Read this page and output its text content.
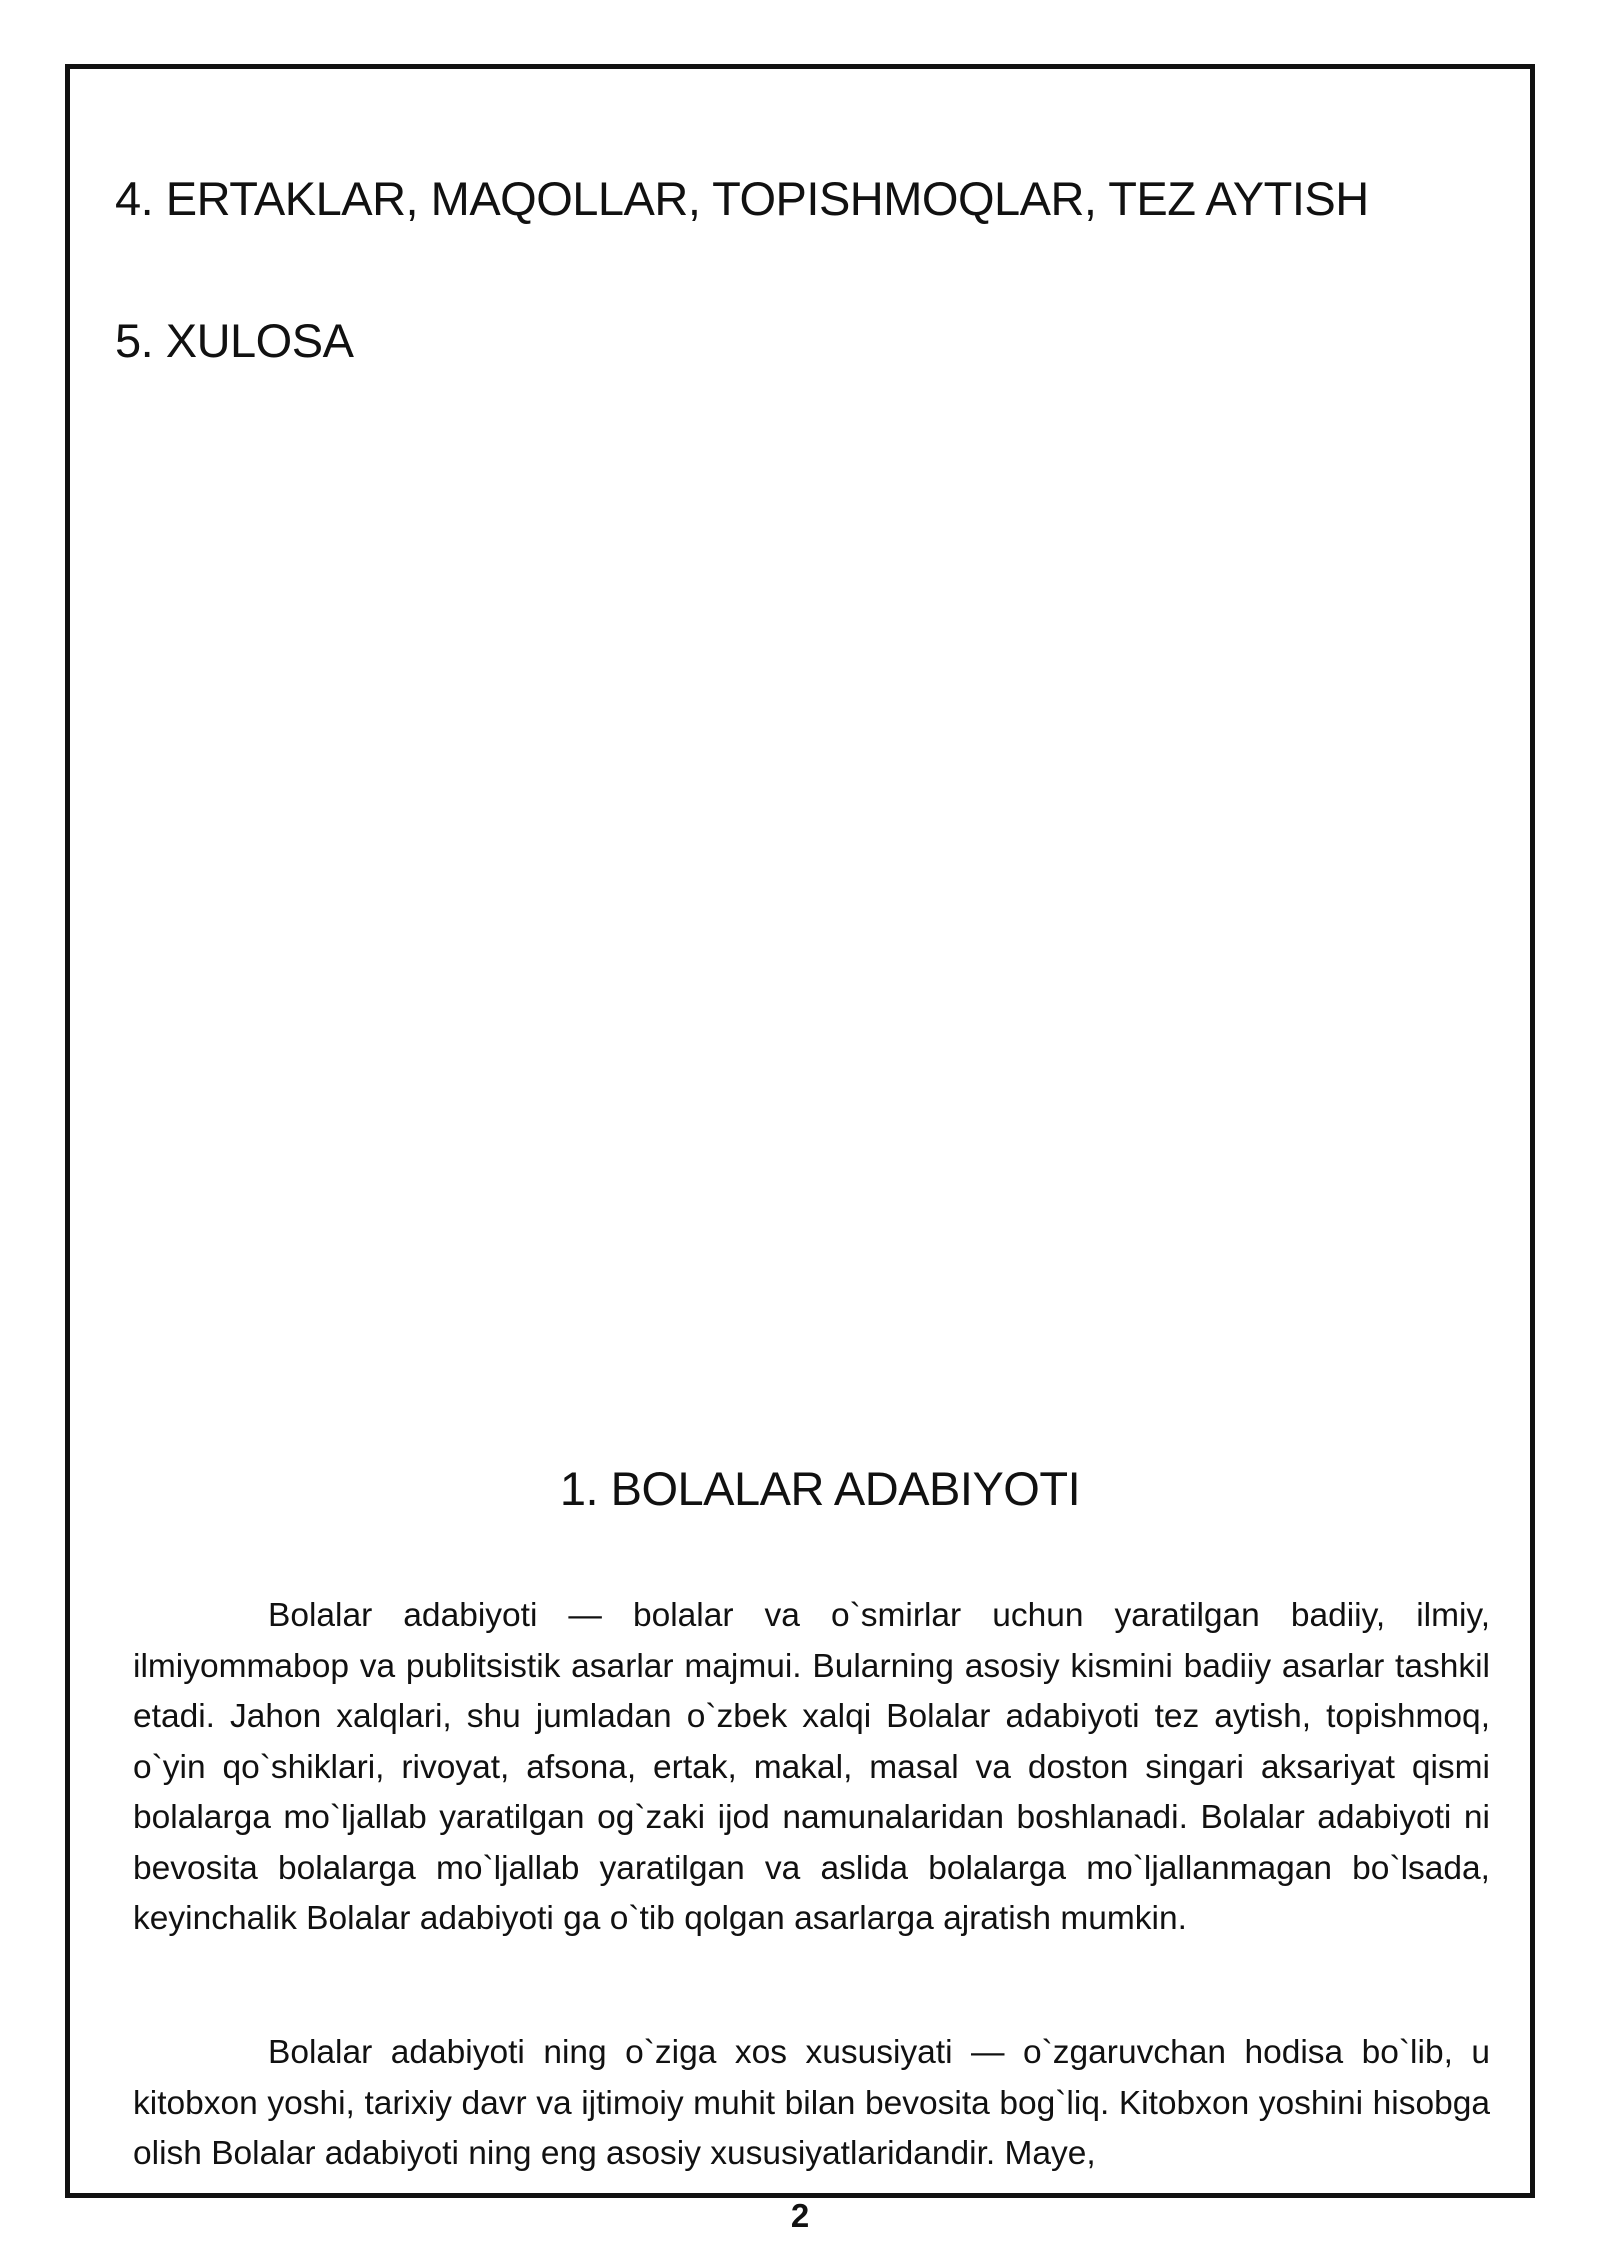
4. ERTAKLAR, MAQOLLAR, TOPISHMOQLAR, TEZ AYTISH
5. XULOSA
1. BOLALAR ADABIYOTI

Bolalar adabiyoti — bolalar va o`smirlar uchun yaratilgan badiiy, ilmiy, ilmiyommabop va publitsistik asarlar majmui. Bularning asosiy kismini badiiy asarlar tashkil etadi. Jahon xalqlari, shu jumladan o`zbek xalqi Bolalar adabiyoti tez aytish, topishmoq, o`yin qo`shiklari, rivoyat, afsona, ertak, makal, masal va doston singari aksariyat qismi bolalarga mo`ljallab yaratilgan og`zaki ijod namunalaridan boshlanadi. Bolalar adabiyoti ni bevosita bolalarga mo`ljallab yaratilgan va aslida bolalarga mo`ljallanmagan bo`lsada, keyinchalik Bolalar adabiyoti ga o`tib qolgan asarlarga ajratish mumkin.

Bolalar adabiyoti ning o`ziga xos xususiyati — o`zgaruvchan hodisa bo`lib, u kitobxon yoshi, tarixiy davr va ijtimoiy muhit bilan bevosita bog`liq. Kitobxon yoshini hisobga olish Bolalar adabiyoti ning eng asosiy xususiyatlaridandir. Maye,

2
